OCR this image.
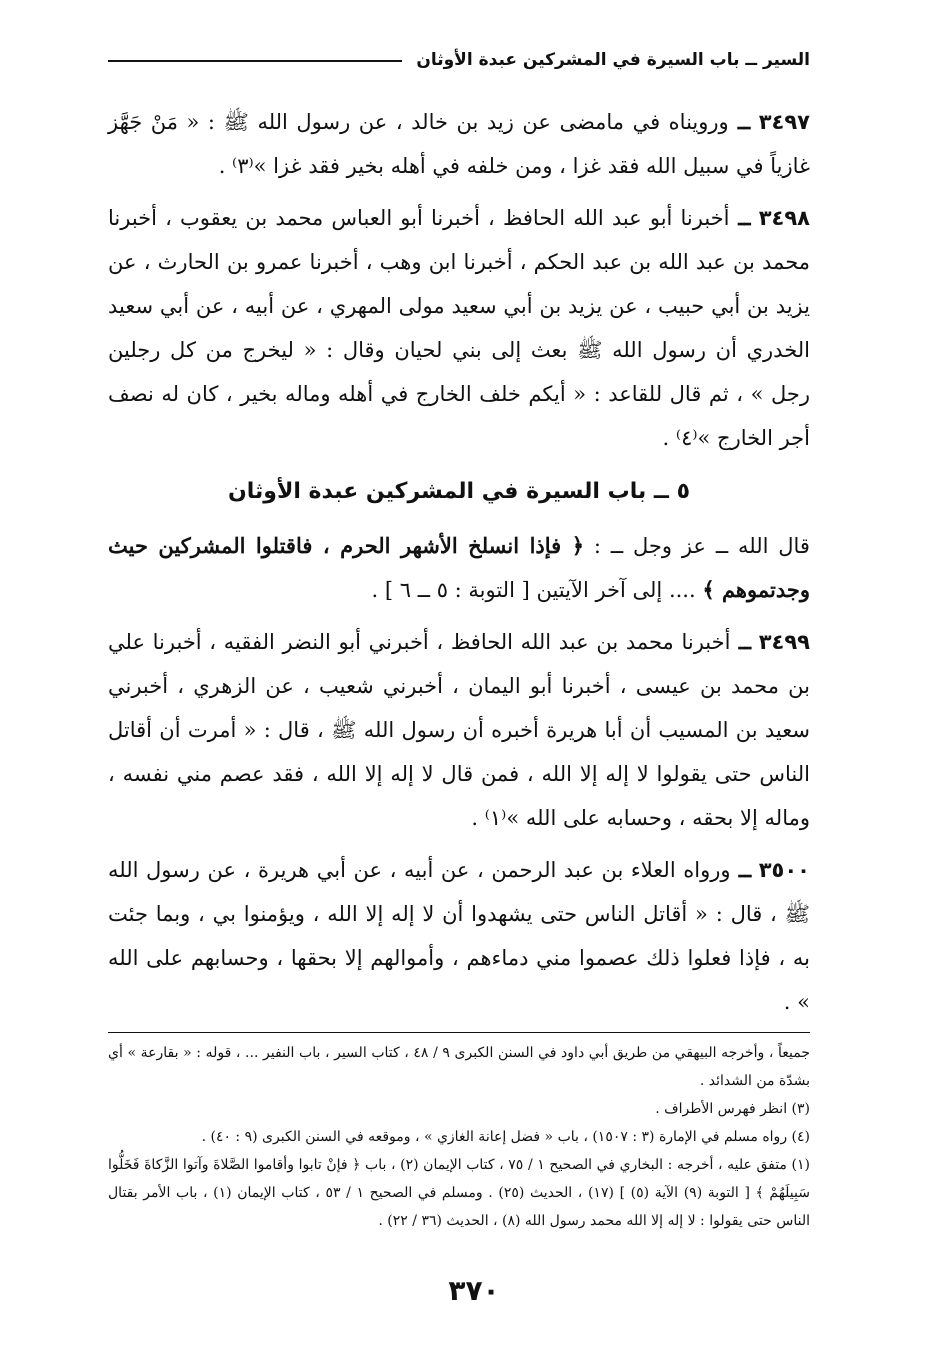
السير ــ باب السيرة في المشركين عبدة الأوثان

٣٤٩٧ ــ ورويناه في مامضى عن زيد بن خالد ، عن رسول الله ﷺ : « مَنْ جَهَّز غازياً في سبيل الله فقد غزا ، ومن خلفه في أهله بخير فقد غزا »⁽٣⁾ .

٣٤٩٨ ــ أخبرنا أبو عبد الله الحافظ ، أخبرنا أبو العباس محمد بن يعقوب ، أخبرنا محمد بن عبد الله بن عبد الحكم ، أخبرنا ابن وهب ، أخبرنا عمرو بن الحارث ، عن يزيد بن أبي حبيب ، عن يزيد بن أبي سعيد مولى المهري ، عن أبيه ، عن أبي سعيد الخدري أن رسول الله ﷺ بعث إلى بني لحيان وقال : « ليخرج من كل رجلين رجل » ، ثم قال للقاعد : « أيكم خلف الخارج في أهله وماله بخير ، كان له نصف أجر الخارج »⁽٤⁾ .

٥ ــ باب السيرة في المشركين عبدة الأوثان

قال الله ــ عز وجل ــ : ﴿ فإذا انسلخ الأشهر الحرم ، فاقتلوا المشركين حيث وجدتموهم ﴾ .... إلى آخر الآيتين [ التوبة : ٥ ــ ٦ ] .

٣٤٩٩ ــ أخبرنا محمد بن عبد الله الحافظ ، أخبرني أبو النضر الفقيه ، أخبرنا علي بن محمد بن عيسى ، أخبرنا أبو اليمان ، أخبرني شعيب ، عن الزهري ، أخبرني سعيد بن المسيب أن أبا هريرة أخبره أن رسول الله ﷺ ، قال : « أمرت أن أقاتل الناس حتى يقولوا لا إله إلا الله ، فمن قال لا إله إلا الله ، فقد عصم مني نفسه ، وماله إلا بحقه ، وحسابه على الله »⁽١⁾ .

٣٥٠٠ ــ ورواه العلاء بن عبد الرحمن ، عن أبيه ، عن أبي هريرة ، عن رسول الله ﷺ ، قال : « أقاتل الناس حتى يشهدوا أن لا إله إلا الله ، ويؤمنوا بي ، وبما جئت به ، فإذا فعلوا ذلك عصموا مني دماءهم ، وأموالهم إلا بحقها ، وحسابهم على الله » .

جميعاً ، وأخرجه البيهقي من طريق أبي داود في السنن الكبرى ٩ / ٤٨ ، كتاب السير ، باب النفير ... ، قوله : « بقارعة » أي بشدّة من الشدائد .

(٣) انظر فهرس الأطراف .

(٤) رواه مسلم في الإمارة (٣ : ١٥٠٧) ، باب « فضل إعانة الغازي » ، وموقعه في السنن الكبرى (٩ : ٤٠) .

(١) متفق عليه ، أخرجه : البخاري في الصحيح ١ / ٧٥ ، كتاب الإيمان (٢) ، باب ﴿ فإنْ تابوا وأقاموا الصَّلاةَ وآتوا الزَّكاةَ فَخَلُّوا سَبِيلَهُمْ ﴾ [ التوبة (٩) الآية (٥) ] (١٧) ، الحديث (٢٥) . ومسلم في الصحيح ١ / ٥٣ ، كتاب الإيمان (١) ، باب الأمر بقتال الناس حتى يقولوا : لا إله إلا الله محمد رسول الله (٨) ، الحديث (٣٦ / ٢٢) .

٣٧٠
